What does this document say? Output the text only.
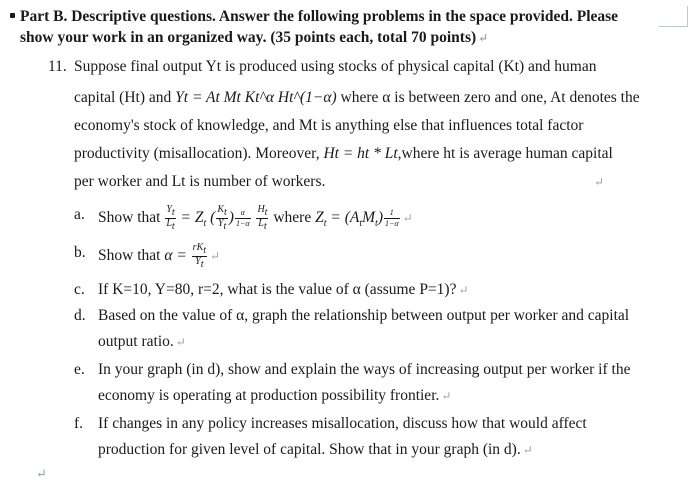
Part B. Descriptive questions. Answer the following problems in the space provided. Please
show your work in an organized way. (35 points each, total 70 points) ↵
11. Suppose final output Yt is produced using stocks of physical capital (Kt) and human
capital (Ht) and Yt = At Mt Kt^α Ht^(1−α) where α is between zero and one, At denotes the
economy's stock of knowledge, and Mt is anything else that influences total factor
productivity (misallocation). Moreover, Ht = ht * Lt,where ht is average human capital
per worker and Lt is number of workers.	↵
a. Show that $\frac{Y_t}{L_t} = Z_t$ ( $\frac{K_t}{Y_t}$ ) $\frac{\alpha}{1-\alpha}$
$\frac{H_t}{L_t}$ where $Z_t = (A_tM_t) \frac{1}{1-\alpha}$ ↵
b. Show that $\alpha = \frac{rK_t}{Y_t}$ ↵
c. If K=10, Y=80, r=2, what is the value of α (assume P=1)? ↵
d. Based on the value of α, graph the relationship between output per worker and capital
output ratio. ↵
e. In your graph (in d), show and explain the ways of increasing output per worker if the
economy is operating at production possibility frontier. ↵
f. If changes in any policy increases misallocation, discuss how that would affect
production for given level of capital. Show that in your graph (in d). ↵
↵
